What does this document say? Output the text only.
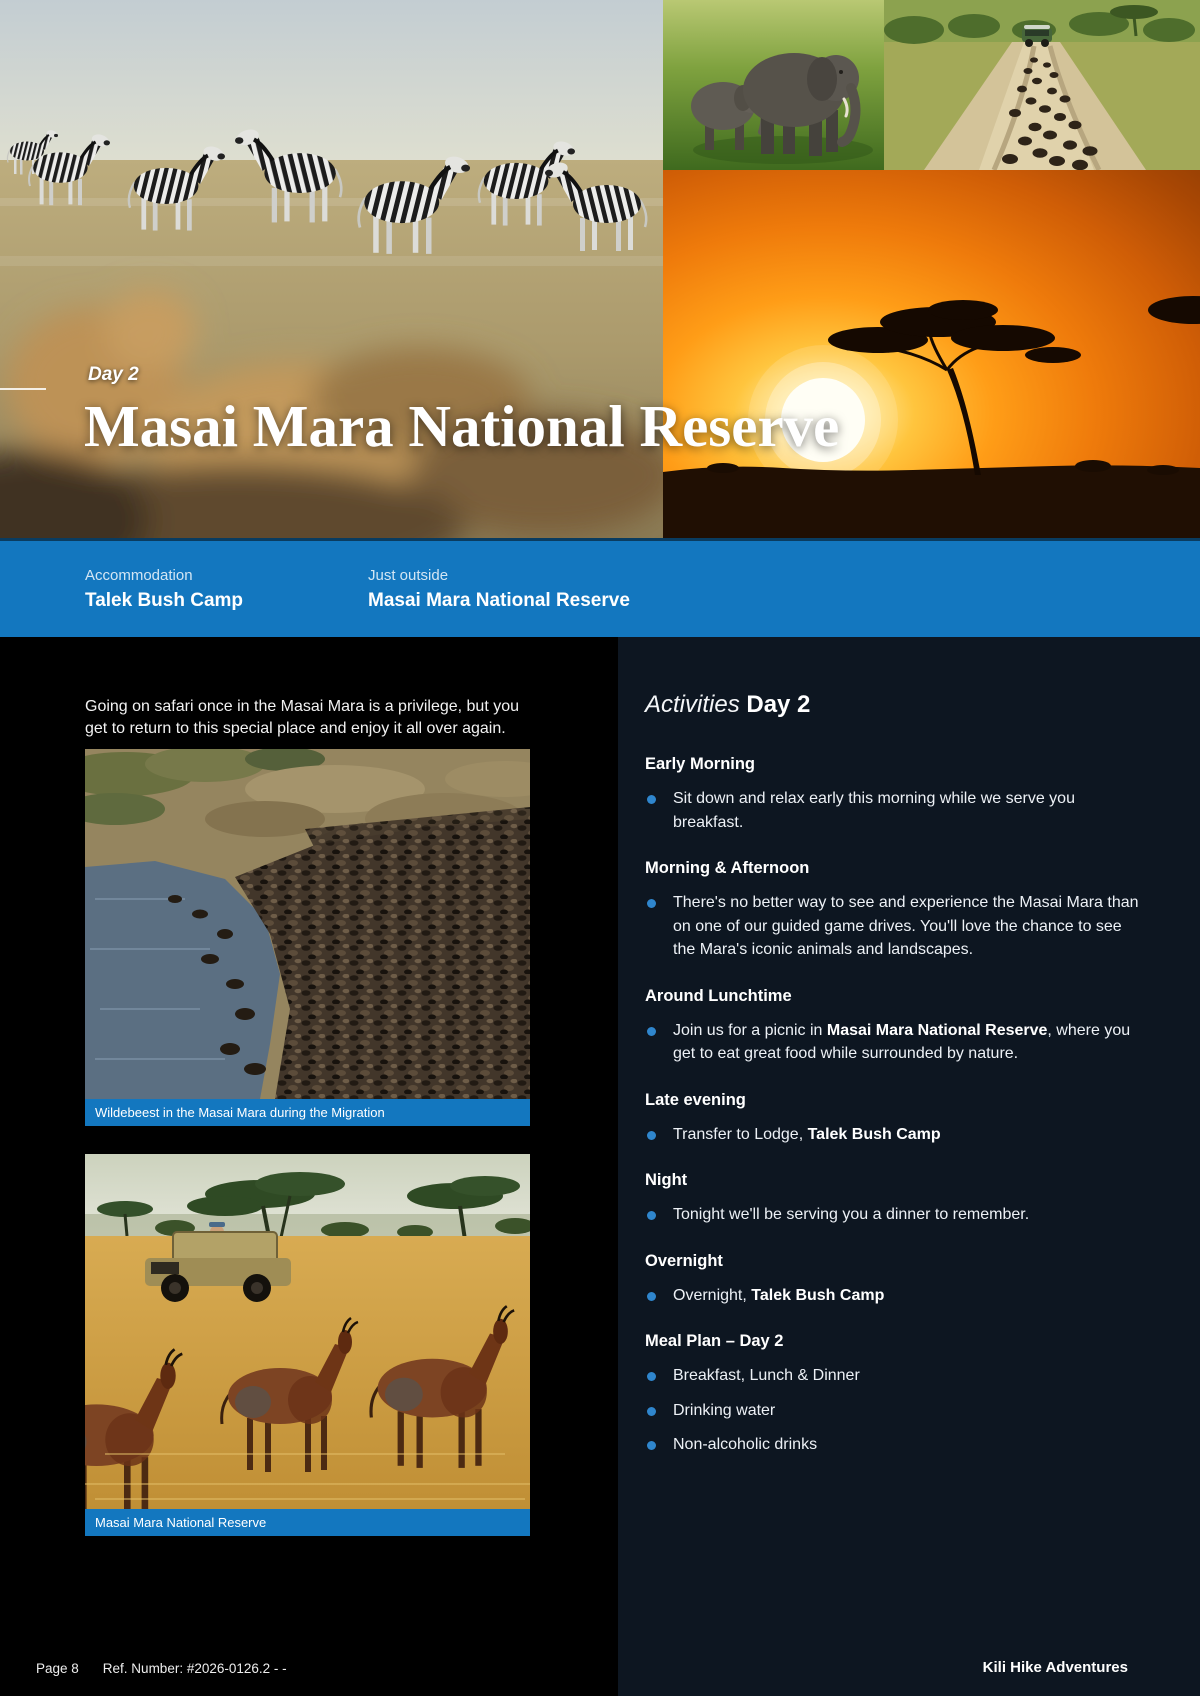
Day 2
Masai Mara National Reserve
Accommodation
Talek Bush Camp
Just outside
Masai Mara National Reserve

Going on safari once in the Masai Mara is a privilege, but you get to return to this special place and enjoy it all over again.

Wildebeest in the Masai Mara during the Migration
Masai Mara National Reserve
Page 8 Ref. Number: #2026-0126.2 - -
Activities Day 2
Early Morning
Sit down and relax early this morning while we serve you breakfast.
Morning & Afternoon
There's no better way to see and experience the Masai Mara than on one of our guided game drives. You'll love the chance to see the Mara's iconic animals and landscapes.
Around Lunchtime
Join us for a picnic in Masai Mara National Reserve, where you get to eat great food while surrounded by nature.
Late evening
Transfer to Lodge, Talek Bush Camp
Night
Tonight we'll be serving you a dinner to remember.
Overnight
Overnight, Talek Bush Camp
Meal Plan – Day 2
Breakfast, Lunch & Dinner
Drinking water
Non-alcoholic drinks
Kili Hike Adventures
